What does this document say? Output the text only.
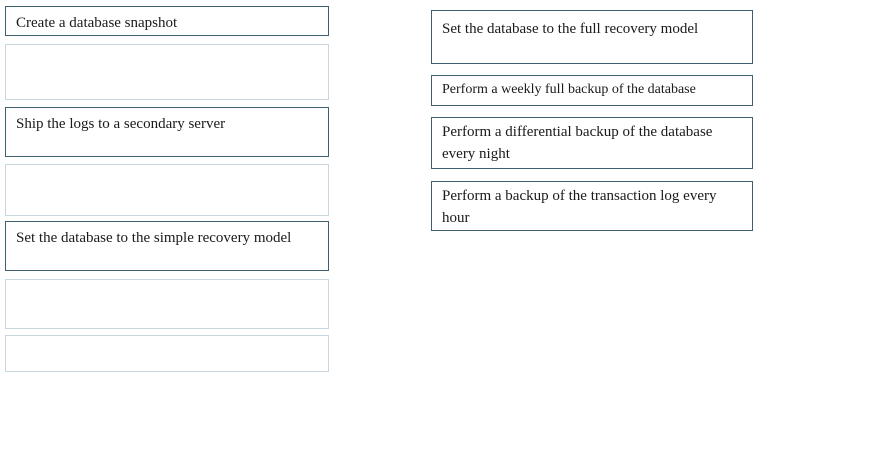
Create a database snapshot
Ship the logs to a secondary server
Set the database to the simple recovery model
Set the database to the full recovery model
Perform a weekly full backup of the database
Perform a differential backup of the database every night
Perform a backup of the transaction log every hour
